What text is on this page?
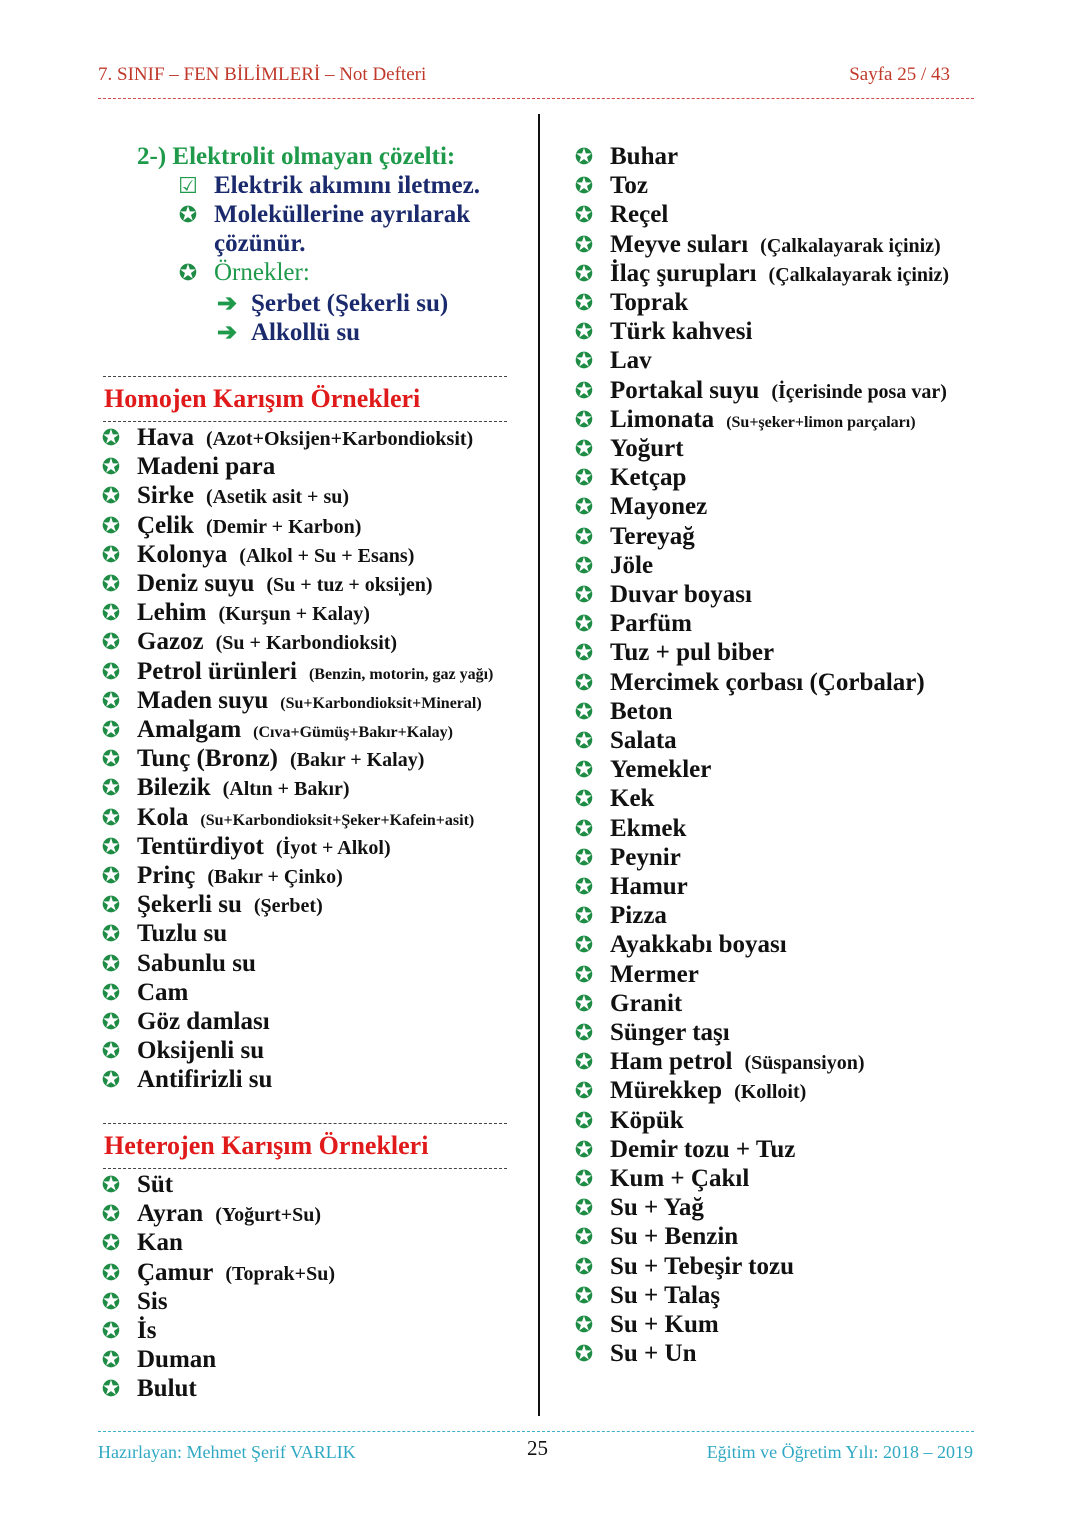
7. SINIF – FEN BİLİMLERİ – Not Defteri	Sayfa 25 / 43
2-) Elektrolit olmayan çözelti:
☑ Elektrik akımını iletmez.
✪ Moleküllerine ayrılarak
çözünür.
✪ Örnekler:
➔ Şerbet (Şekerli su)
➔ Alkollü su
Homojen Karışım Örnekleri
✪ Hava (Azot+Oksijen+Karbondioksit)
✪ Madeni para
✪ Sirke (Asetik asit + su)
✪ Çelik (Demir + Karbon)
✪ Kolonya (Alkol + Su + Esans)
✪ Deniz suyu (Su + tuz + oksijen)
✪ Lehim (Kurşun + Kalay)
✪ Gazoz (Su + Karbondioksit)
✪ Petrol ürünleri (Benzin, motorin, gaz yağı)
✪ Maden suyu (Su+Karbondioksit+Mineral)
✪ Amalgam (Cıva+Gümüş+Bakır+Kalay)
✪ Tunç (Bronz) (Bakır + Kalay)
✪ Bilezik (Altın + Bakır)
✪ Kola (Su+Karbondioksit+Şeker+Kafein+asit)
✪ Tentürdiyot (İyot + Alkol)
✪ Prinç (Bakır + Çinko)
✪ Şekerli su (Şerbet)
✪ Tuzlu su
✪ Sabunlu su
✪ Cam
✪ Göz damlası
✪ Oksijenli su
✪ Antifirizli su
Heterojen Karışım Örnekleri
✪ Süt
✪ Ayran (Yoğurt+Su)
✪ Kan
✪ Çamur (Toprak+Su)
✪ Sis
✪ İs
✪ Duman
✪ Bulut
✪ Buhar
✪ Toz
✪ Reçel
✪ Meyve suları (Çalkalayarak içiniz)
✪ İlaç şurupları (Çalkalayarak içiniz)
✪ Toprak
✪ Türk kahvesi
✪ Lav
✪ Portakal suyu (İçerisinde posa var)
✪ Limonata (Su+şeker+limon parçaları)
✪ Yoğurt
✪ Ketçap
✪ Mayonez
✪ Tereyağ
✪ Jöle
✪ Duvar boyası
✪ Parfüm
✪ Tuz + pul biber
✪ Mercimek çorbası (Çorbalar)
✪ Beton
✪ Salata
✪ Yemekler
✪ Kek
✪ Ekmek
✪ Peynir
✪ Hamur
✪ Pizza
✪ Ayakkabı boyası
✪ Mermer
✪ Granit
✪ Sünger taşı
✪ Ham petrol (Süspansiyon)
✪ Mürekkep (Kolloit)
✪ Köpük
✪ Demir tozu + Tuz
✪ Kum + Çakıl
✪ Su + Yağ
✪ Su + Benzin
✪ Su + Tebeşir tozu
✪ Su + Talaş
✪ Su + Kum
✪ Su + Un
Hazırlayan: Mehmet Şerif VARLIK	25	Eğitim ve Öğretim Yılı: 2018 – 2019
